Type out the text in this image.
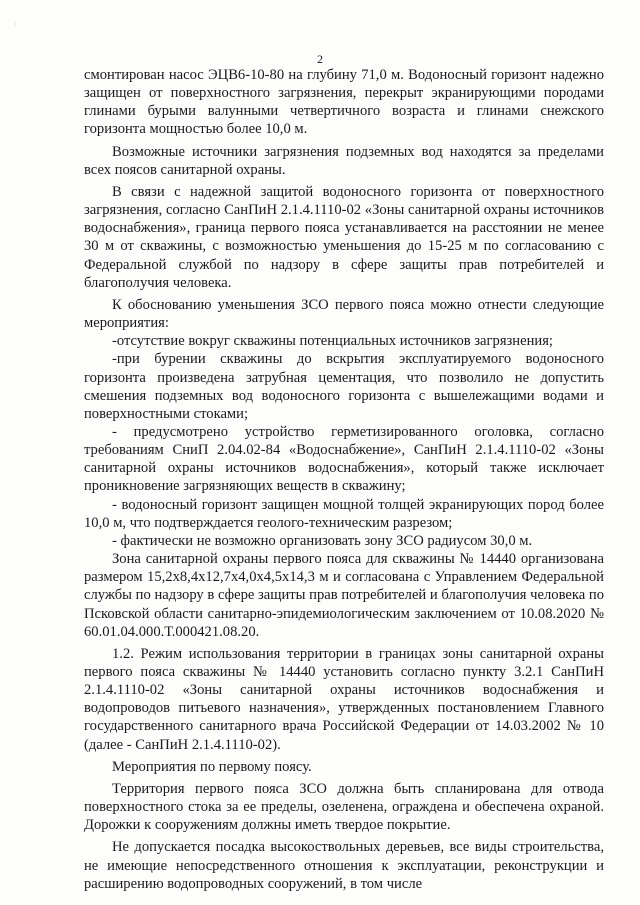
·
2

смонтирован насос ЭЦВ6-10-80 на глубину 71,0 м. Водоносный горизонт надежно защищен от поверхностного загрязнения, перекрыт экранирующими породами глинами бурыми валунными четвертичного возраста и глинами снежского горизонта мощностью более 10,0 м.

Возможные источники загрязнения подземных вод находятся за пределами всех поясов санитарной охраны.

В связи с надежной защитой водоносного горизонта от поверхностного загрязнения, согласно СанПиН 2.1.4.1110-02 «Зоны санитарной охраны источников водоснабжения», граница первого пояса устанавливается на расстоянии не менее 30 м от скважины, с возможностью уменьшения до 15-25 м по согласованию с Федеральной службой по надзору в сфере защиты прав потребителей и благополучия человека.

К обоснованию уменьшения ЗСО первого пояса можно отнести следующие мероприятия:

-отсутствие вокруг скважины потенциальных источников загрязнения;

-при бурении скважины до вскрытия эксплуатируемого водоносного горизонта произведена затрубная цементация, что позволило не допустить смешения подземных вод водоносного горизонта с вышележащими водами и поверхностными стоками;

- предусмотрено устройство герметизированного оголовка, согласно требованиям СниП 2.04.02-84 «Водоснабжение», СанПиН 2.1.4.1110-02 «Зоны санитарной охраны источников водоснабжения», который также исключает проникновение загрязняющих веществ в скважину;

- водоносный горизонт защищен мощной толщей экранирующих пород более 10,0 м, что подтверждается геолого-техническим разрезом;

- фактически не возможно организовать зону ЗСО радиусом 30,0 м.

Зона санитарной охраны первого пояса для скважины № 14440 организована размером 15,2х8,4х12,7х4,0х4,5х14,3 м и согласована с Управлением Федеральной службы по надзору в сфере защиты прав потребителей и благополучия человека по Псковской области санитарно-эпидемиологическим заключением от 10.08.2020 № 60.01.04.000.Т.000421.08.20.

1.2. Режим использования территории в границах зоны санитарной охраны первого пояса скважины № 14440 установить согласно пункту 3.2.1 СанПиН 2.1.4.1110-02 «Зоны санитарной охраны источников водоснабжения и водопроводов питьевого назначения», утвержденных постановлением Главного государственного санитарного врача Российской Федерации от 14.03.2002 № 10 (далее - СанПиН 2.1.4.1110-02).

Мероприятия по первому поясу.

Территория первого пояса ЗСО должна быть спланирована для отвода поверхностного стока за ее пределы, озеленена, ограждена и обеспечена охраной. Дорожки к сооружениям должны иметь твердое покрытие.

Не допускается посадка высокоствольных деревьев, все виды строительства, не имеющие непосредственного отношения к эксплуатации, реконструкции и расширению водопроводных сооружений, в том числе
